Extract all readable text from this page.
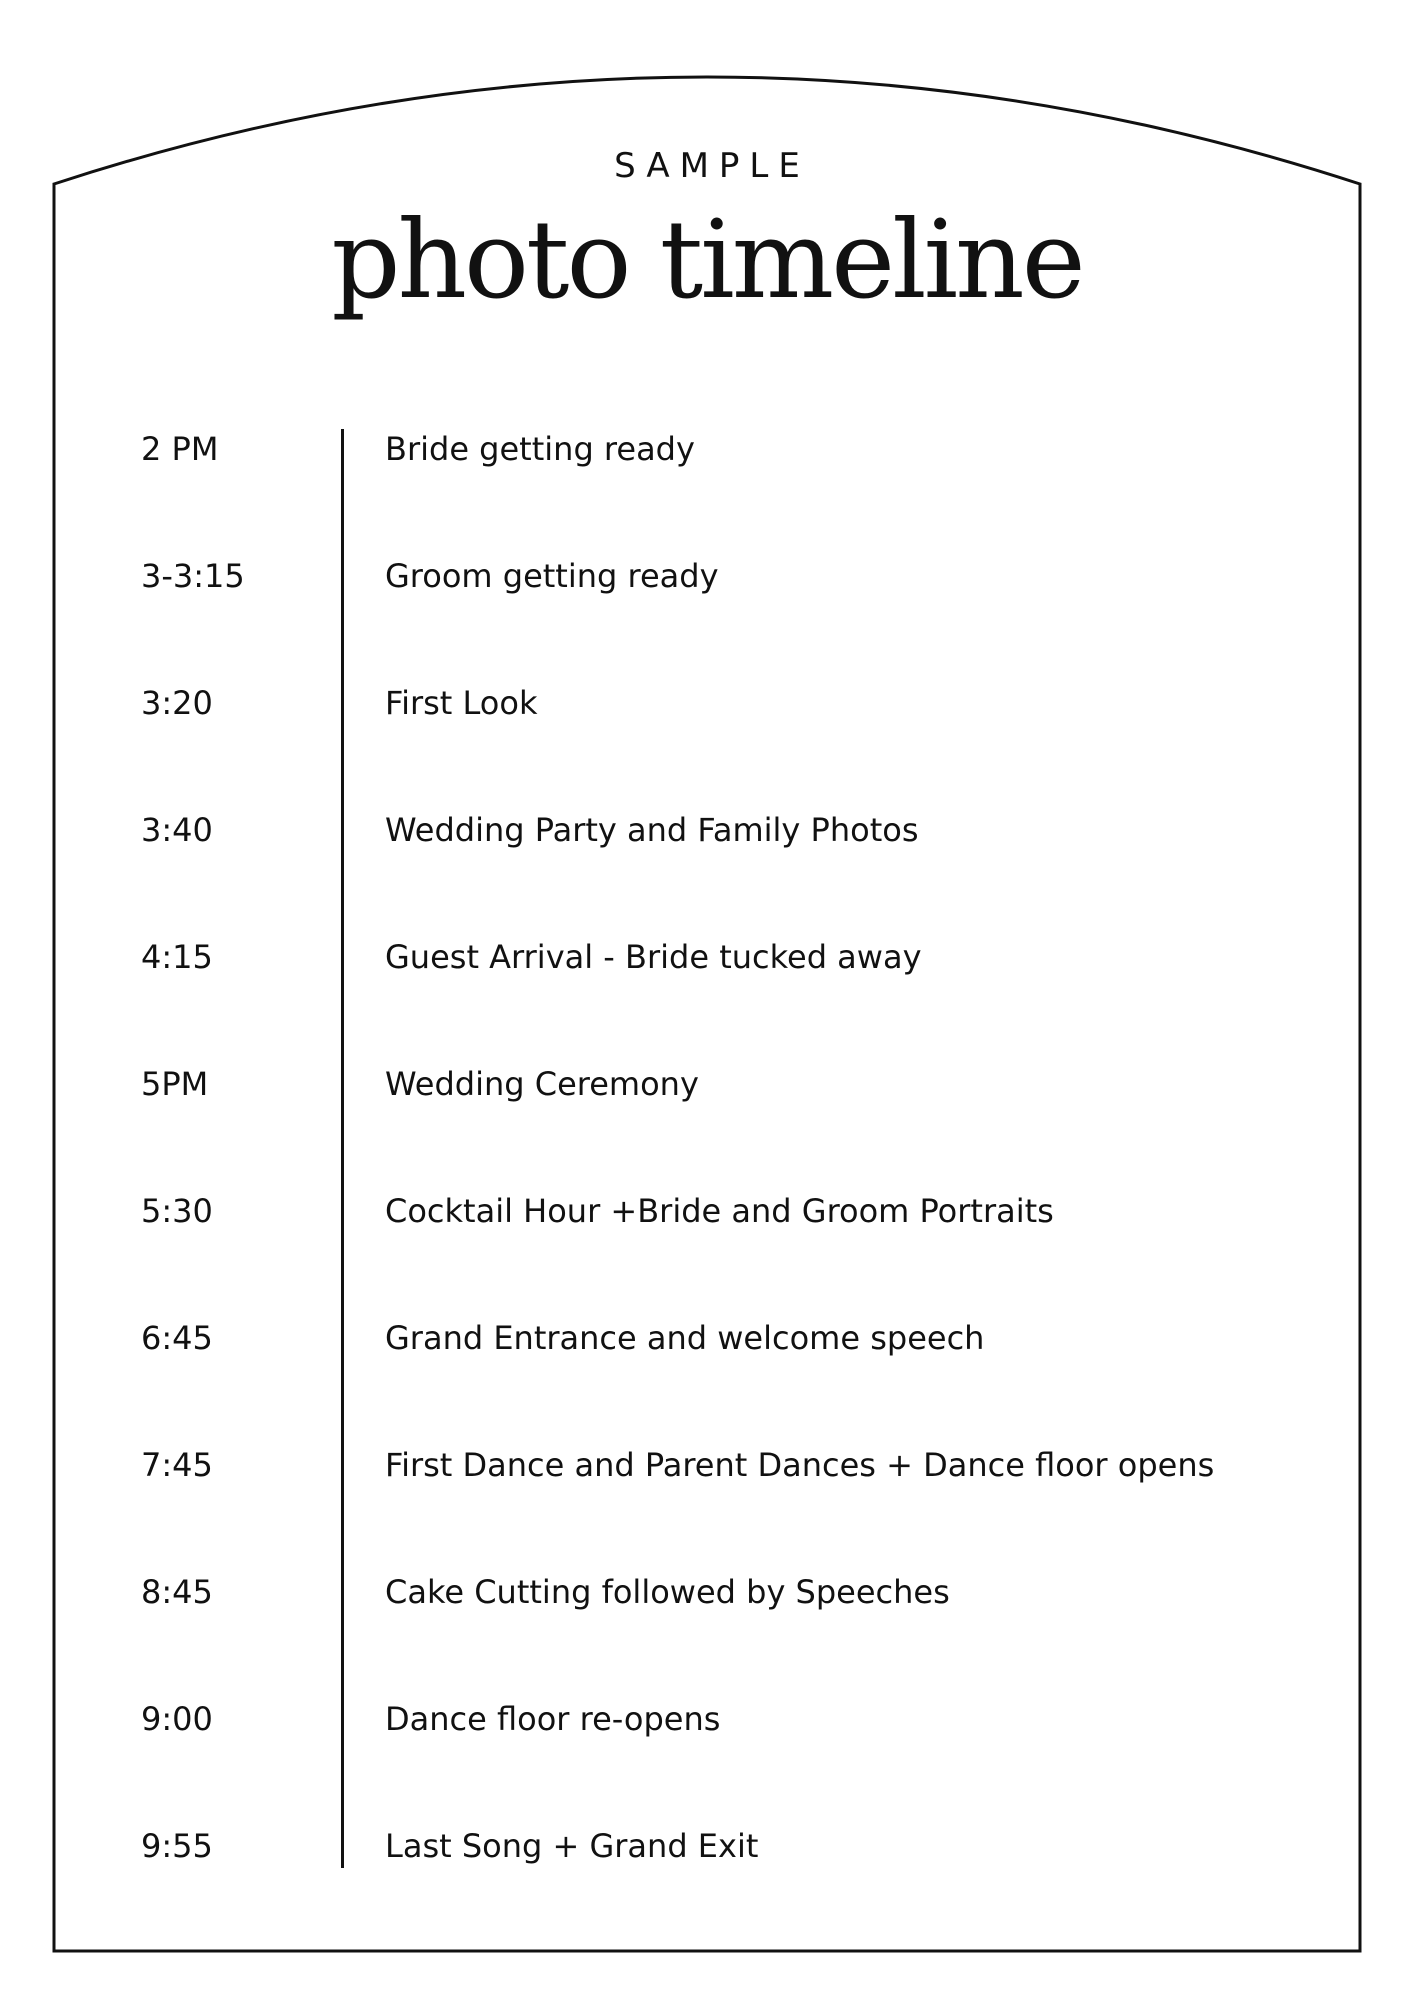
SAMPLE
photo timeline
2 PM	Bride getting ready
3-3:15	Groom getting ready
3:20	First Look
3:40	Wedding Party and Family Photos
4:15	Guest Arrival - Bride tucked away
5PM	Wedding Ceremony
5:30	Cocktail Hour +Bride and Groom Portraits
6:45	Grand Entrance and welcome speech
7:45	First Dance and Parent Dances + Dance floor opens
8:45	Cake Cutting followed by Speeches
9:00	Dance floor re-opens
9:55	Last Song + Grand Exit
